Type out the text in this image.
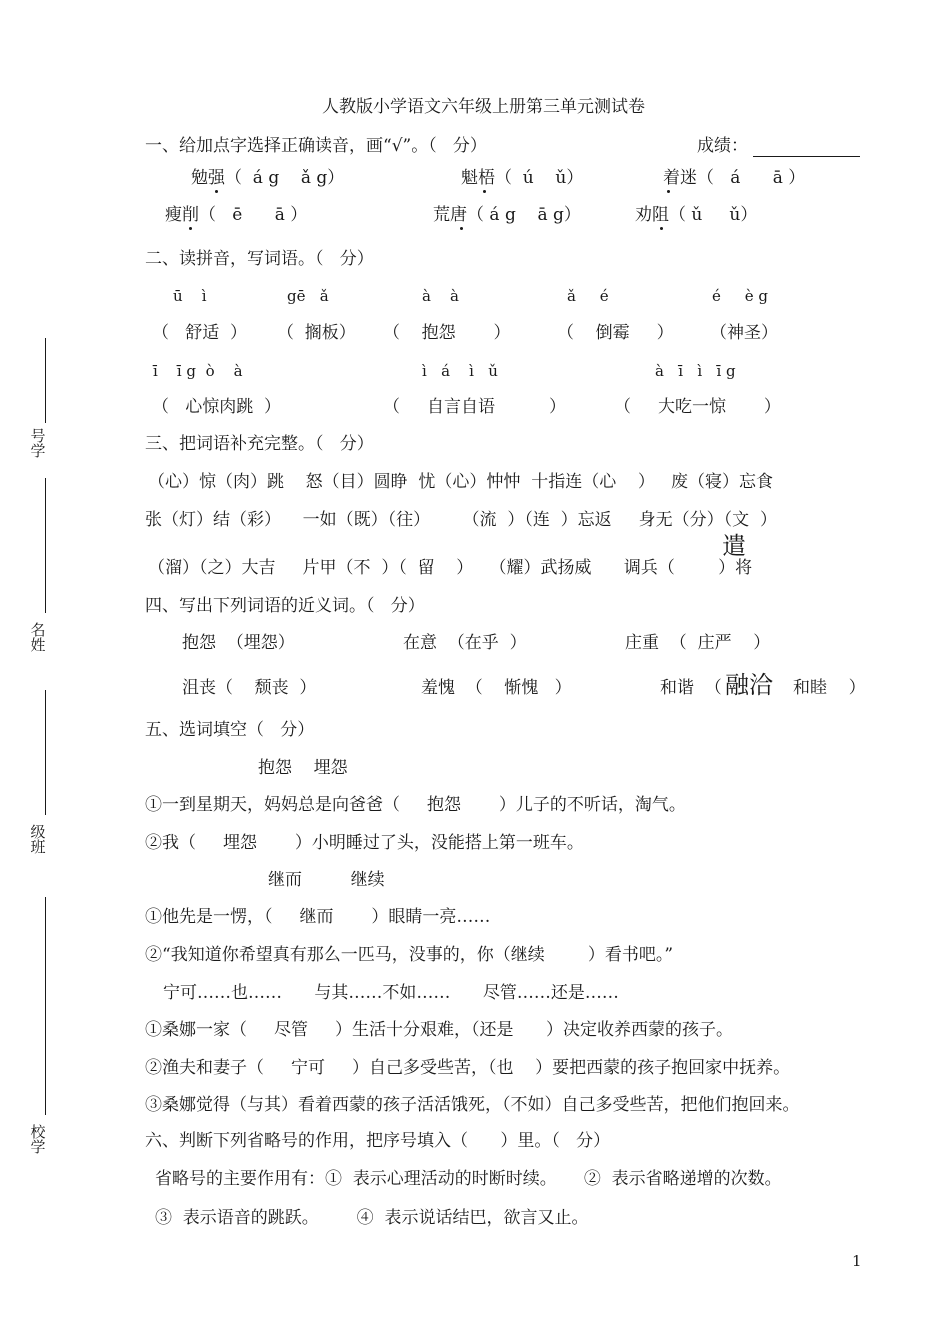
人教版小学语文六年级上册第三单元测试卷
一、给加点字选择正确读音，画“√”。（   分）	成绩：
勉强（  á g    ǎ g）	魁梧（  ú    ǔ）	着迷（   á      ā ）
瘦削（   ē      ā ）	荒唐（ á g    ā g）	劝阻（ ǔ     ǔ）
二、读拼音，写词语。（   分）
ū    ì	gē   ǎ	à    à	ǎ     é	é     è g
（   舒适  ） （  搁板） （    抱怨       ）	（    倒霉     ） （神圣）
ī    ī g  ò    à	ì   á    ì   ǔ	à   ī   ì   ī g
（   心惊肉跳  ）	（     自言自语          ）	（     大吃一惊       ）
三、把词语补充完整。（   分）
（心）惊（肉）跳    怒（目）圆睁  忧（心）忡忡  十指连（心    ）   废（寝）忘食
张（灯）结（彩）    一如（既）（往）      （流  ）（连  ）忘返     身无（分）（文  ）
遣
（溜）（之）大吉     片甲（不  ）（  留    ）   （耀）武扬威      调兵（        ）将
四、写出下列词语的近义词。（   分）
抱怨  （埋怨）	在意  （在乎  ）	庄重  （  庄严    ）
沮丧（    颓丧  ）	羞愧  （    惭愧   ）	和谐  （ 融洽 和睦    ）
五、选词填空（   分）
抱怨    埋怨
①一到星期天，妈妈总是向爸爸（     抱怨       ）儿子的不听话，淘气。
②我（     埋怨       ）小明睡过了头，没能搭上第一班车。
继而         继续
①他先是一愣，（     继而       ）眼睛一亮……
②“我知道你希望真有那么一匹马，没事的，你（继续        ）看书吧。”
宁可……也……      与其……不如……      尽管……还是……
①桑娜一家（     尽管     ）生活十分艰难，（还是      ）决定收养西蒙的孩子。
②渔夫和妻子（     宁可     ）自己多受些苦，（也    ）要把西蒙的孩子抱回家中抚养。
③桑娜觉得（与其）看着西蒙的孩子活活饿死，（不如）自己多受些苦，把他们抱回来。
六、判断下列省略号的作用，把序号填入（      ）里。（   分）
省略号的主要作用有：①  表示心理活动的时断时续。     ②  表示省略递增的次数。
③  表示语音的跳跃。       ④  表示说话结巴，欲言又止。
1
号学
名姓
级班
校学
